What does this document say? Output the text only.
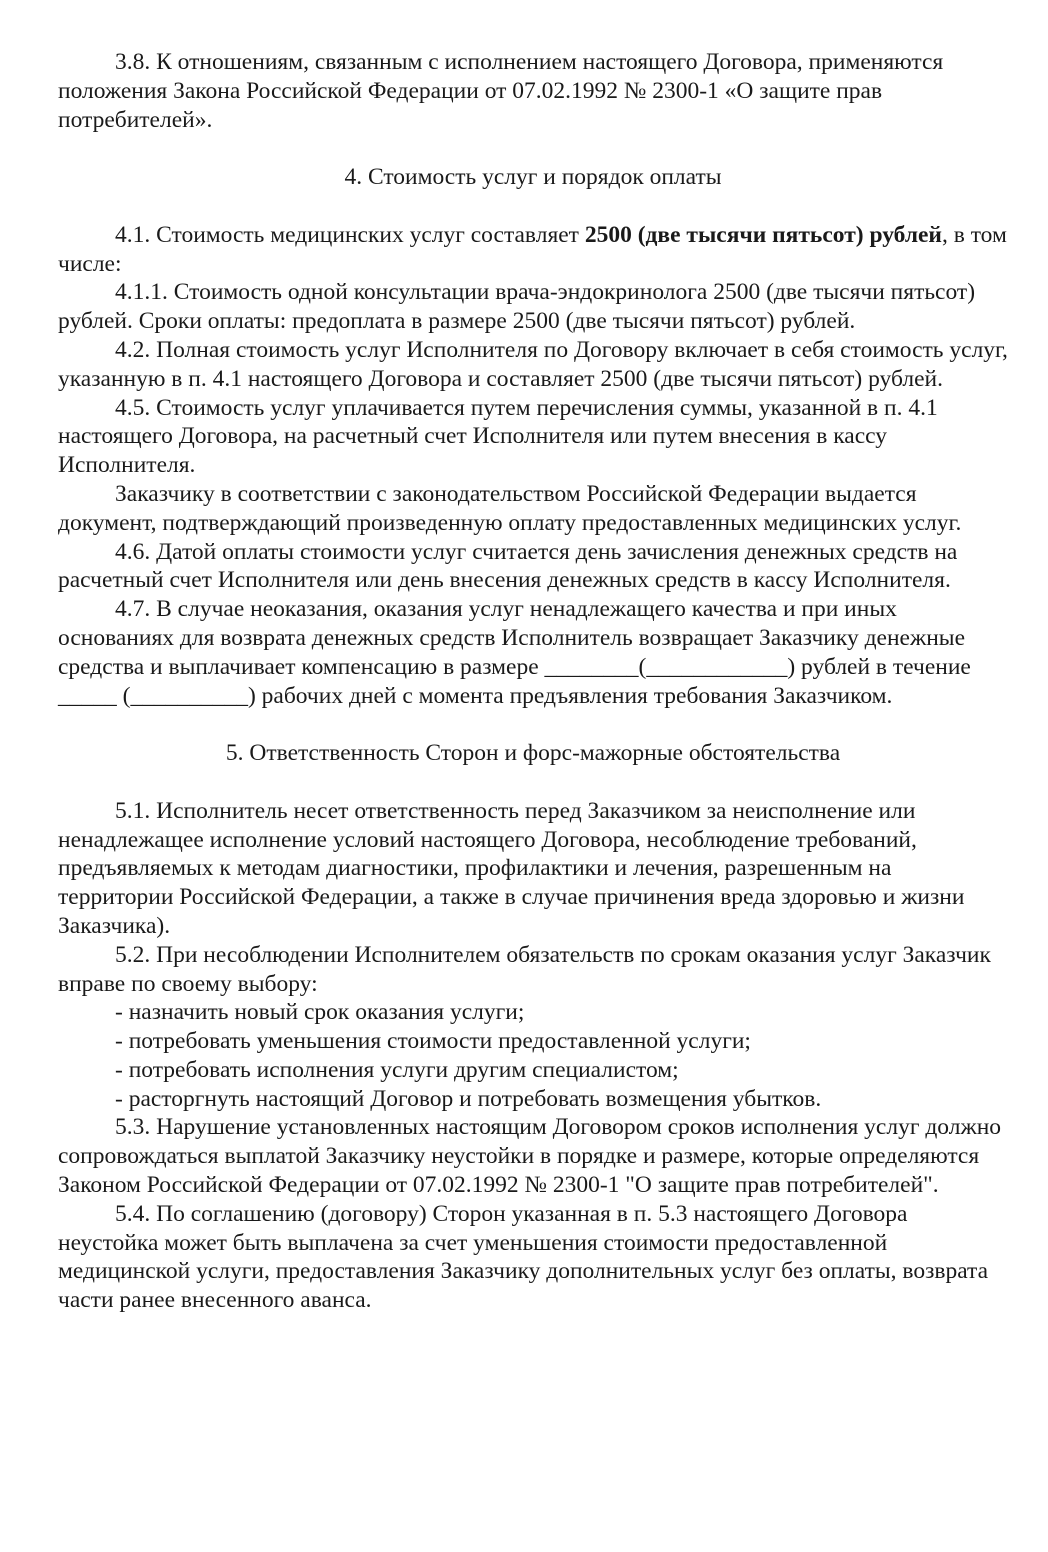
3.8. К отношениям, связанным с исполнением настоящего Договора, применяются положения Закона Российской Федерации от 07.02.1992 № 2300-1 «О защите прав потребителей».

4. Стоимость услуг и порядок оплаты

4.1. Стоимость медицинских услуг составляет 2500 (две тысячи пятьсот) рублей, в том числе:

4.1.1. Стоимость одной консультации врача-эндокринолога 2500 (две тысячи пятьсот) рублей. Сроки оплаты: предоплата в размере 2500 (две тысячи пятьсот) рублей.

4.2. Полная стоимость услуг Исполнителя по Договору включает в себя стоимость услуг, указанную в п. 4.1 настоящего Договора и составляет 2500 (две тысячи пятьсот) рублей.

4.5. Стоимость услуг уплачивается путем перечисления суммы, указанной в п. 4.1 настоящего Договора, на расчетный счет Исполнителя или путем внесения в кассу Исполнителя.

Заказчику в соответствии с законодательством Российской Федерации выдается документ, подтверждающий произведенную оплату предоставленных медицинских услуг.

4.6. Датой оплаты стоимости услуг считается день зачисления денежных средств на расчетный счет Исполнителя или день внесения денежных средств в кассу Исполнителя.

4.7. В случае неоказания, оказания услуг ненадлежащего качества и при иных основаниях для возврата денежных средств Исполнитель возвращает Заказчику денежные средства и выплачивает компенсацию в размере ________(____________) рублей в течение _____ (__________) рабочих дней с момента предъявления требования Заказчиком.

5. Ответственность Сторон и форс-мажорные обстоятельства

5.1. Исполнитель несет ответственность перед Заказчиком за неисполнение или ненадлежащее исполнение условий настоящего Договора, несоблюдение требований, предъявляемых к методам диагностики, профилактики и лечения, разрешенным на территории Российской Федерации, а также в случае причинения вреда здоровью и жизни Заказчика).

5.2. При несоблюдении Исполнителем обязательств по срокам оказания услуг Заказчик вправе по своему выбору:

- назначить новый срок оказания услуги;

- потребовать уменьшения стоимости предоставленной услуги;

- потребовать исполнения услуги другим специалистом;

- расторгнуть настоящий Договор и потребовать возмещения убытков.

5.3. Нарушение установленных настоящим Договором сроков исполнения услуг должно сопровождаться выплатой Заказчику неустойки в порядке и размере, которые определяются Законом Российской Федерации от 07.02.1992 № 2300-1 "О защите прав потребителей".

5.4. По соглашению (договору) Сторон указанная в п. 5.3 настоящего Договора неустойка может быть выплачена за счет уменьшения стоимости предоставленной медицинской услуги, предоставления Заказчику дополнительных услуг без оплаты, возврата части ранее внесенного аванса.
